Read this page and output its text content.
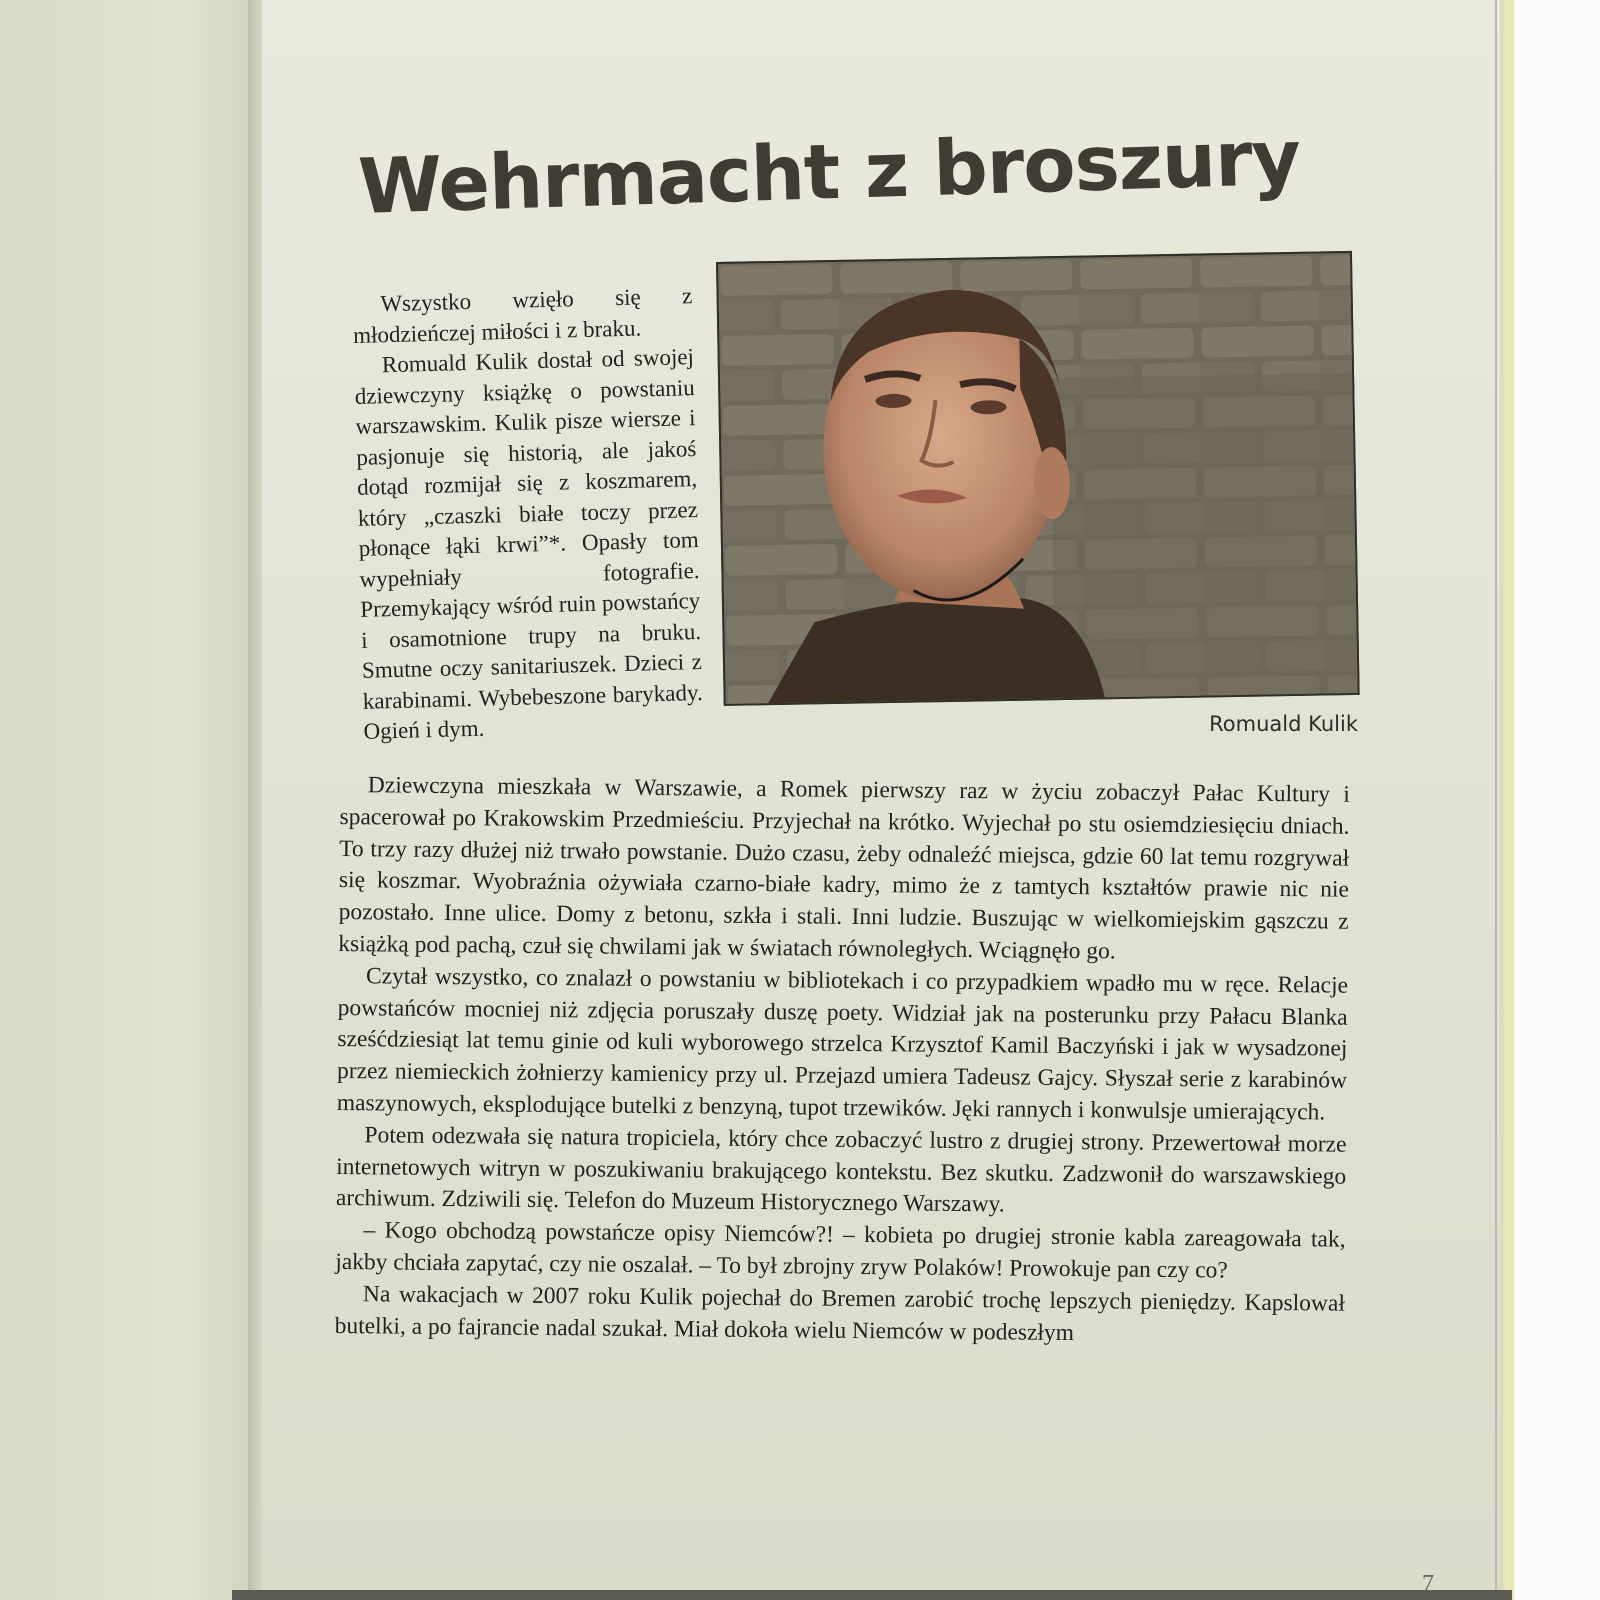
Wehrmacht z broszury
Romuald Kulik

Wszystko wzięło się z młodzieńczej miłości i z braku.

Romuald Kulik dostał od swojej dziewczyny książkę o powstaniu warszawskim. Kulik pisze wiersze i pasjonuje się historią, ale jakoś dotąd rozmijał się z koszmarem, który „czaszki białe toczy przez płonące łąki krwi”*. Opasły tom wypełniały fotografie. Przemykający wśród ruin powstańcy i osamotnione trupy na bruku. Smutne oczy sanitariuszek. Dzieci z karabinami. Wybebeszone barykady. Ogień i dym.

Dziewczyna mieszkała w Warszawie, a Romek pierwszy raz w życiu zobaczył Pałac Kultury i spacerował po Krakowskim Przedmieściu. Przyjechał na krótko. Wyjechał po stu osiemdziesięciu dniach. To trzy razy dłużej niż trwało powstanie. Dużo czasu, żeby odnaleźć miejsca, gdzie 60 lat temu rozgrywał się koszmar. Wyobraźnia ożywiała czarno-białe kadry, mimo że z tamtych kształtów prawie nic nie pozostało. Inne ulice. Domy z betonu, szkła i stali. Inni ludzie. Buszując w wielkomiejskim gąszczu z książką pod pachą, czuł się chwilami jak w światach równoległych. Wciągnęło go.

Czytał wszystko, co znalazł o powstaniu w bibliotekach i co przypadkiem wpadło mu w ręce. Relacje powstańców mocniej niż zdjęcia poruszały duszę poety. Widział jak na posterunku przy Pałacu Blanka sześćdziesiąt lat temu ginie od kuli wyborowego strzelca Krzysztof Kamil Baczyński i jak w wysadzonej przez niemieckich żołnierzy kamienicy przy ul. Przejazd umiera Tadeusz Gajcy. Słyszał serie z karabinów maszynowych, eksplodujące butelki z benzyną, tupot trzewików. Jęki rannych i konwulsje umierających.

Potem odezwała się natura tropiciela, który chce zobaczyć lustro z drugiej strony. Przewertował morze internetowych witryn w poszukiwaniu brakującego kontekstu. Bez skutku. Zadzwonił do warszawskiego archiwum. Zdziwili się. Telefon do Muzeum Historycznego Warszawy.

– Kogo obchodzą powstańcze opisy Niemców?! – kobieta po drugiej stronie kabla zareagowała tak, jakby chciała zapytać, czy nie oszalał. – To był zbrojny zryw Polaków! Prowokuje pan czy co?

Na wakacjach w 2007 roku Kulik pojechał do Bremen zarobić trochę lepszych pieniędzy. Kapslował butelki, a po fajrancie nadal szukał. Miał dokoła wielu Niemców w podeszłym

7
